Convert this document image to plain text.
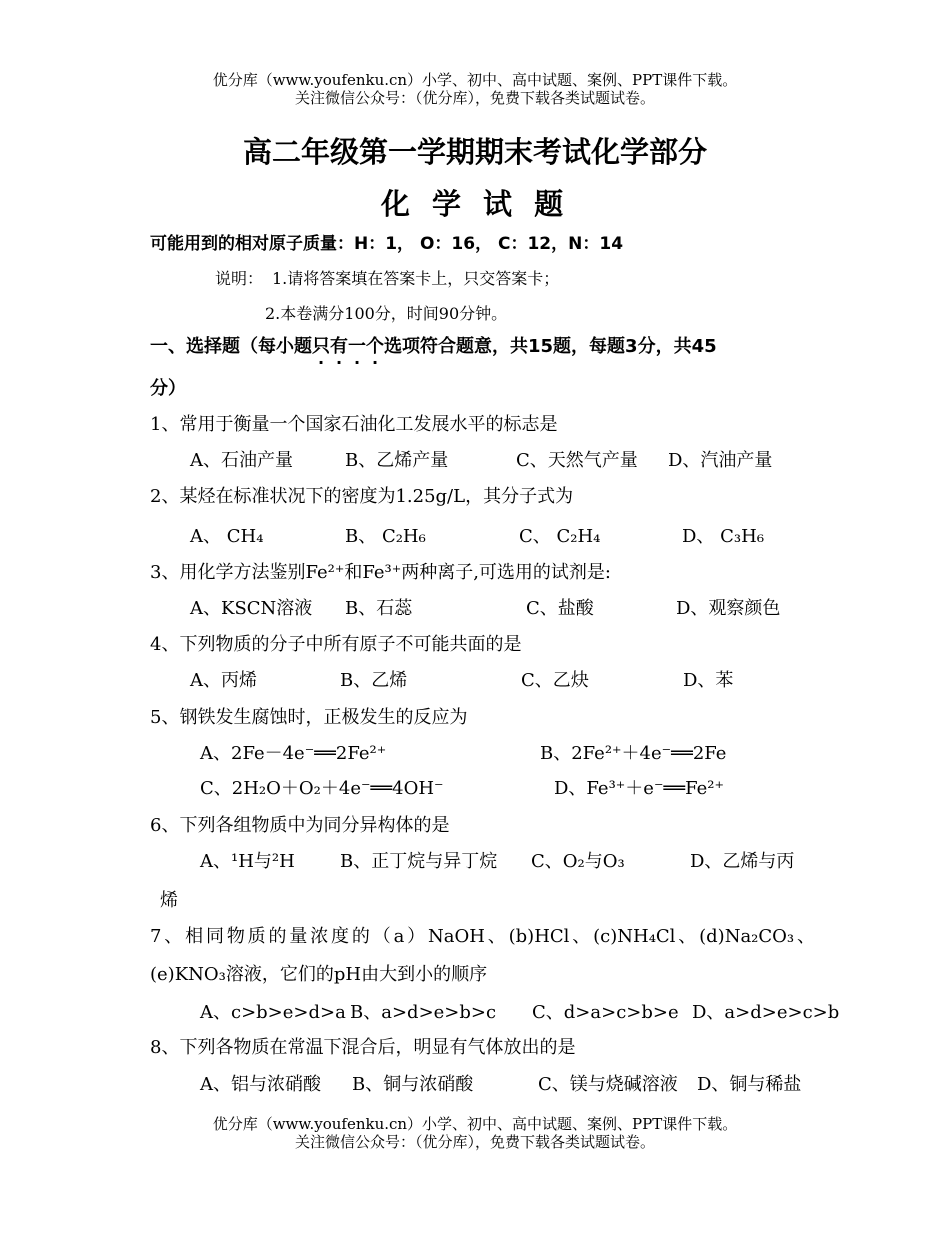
优分库（www.youfenku.cn）小学、初中、高中试题、案例、PPT课件下载。
关注微信公众号：（优分库），免费下载各类试题试卷。
高二年级第一学期期末考试化学部分
化 学 试 题
可能用到的相对原子质量：H：1， O：16， C：12，N：14
说明： 1.请将答案填在答案卡上，只交答案卡；
2.本卷满分100分，时间90分钟。
一、选择题（每小题只有一个选项符合题意，共15题，每题3分，共45
分）
1、常用于衡量一个国家石油化工发展水平的标志是
A、石油产量	B、乙烯产量	C、天然气产量 D、汽油产量
2、某烃在标准状况下的密度为1.25g/L，其分子式为
A、 CH₄	B、 C₂H₆	C、 C₂H₄	D、 C₃H₆
3、用化学方法鉴别Fe²⁺和Fe³⁺两种离子,可选用的试剂是:
A、KSCN溶液 B、石蕊	C、盐酸	D、观察颜色
4、下列物质的分子中所有原子不可能共面的是
A、丙烯	B、乙烯	C、乙炔	D、苯
5、钢铁发生腐蚀时，正极发生的反应为
A、2Fe－4e⁻══2Fe²⁺	B、2Fe²⁺＋4e⁻══2Fe
C、2H₂O＋O₂＋4e⁻══4OH⁻	D、Fe³⁺＋e⁻══Fe²⁺
6、下列各组物质中为同分异构体的是
A、¹H与²H	B、正丁烷与异丁烷 C、O₂与O₃	D、乙烯与丙
烯
7、相同物质的量浓度的（a）NaOH、(b)HCl、(c)NH₄Cl、(d)Na₂CO₃、
(e)KNO₃溶液，它们的pH由大到小的顺序
A、c>b>e>d>a B、a>d>e>b>c C、d>a>c>b>e D、a>d>e>c>b
8、下列各物质在常温下混合后，明显有气体放出的是
A、铝与浓硝酸 B、铜与浓硝酸	C、镁与烧碱溶液 D、铜与稀盐
优分库（www.youfenku.cn）小学、初中、高中试题、案例、PPT课件下载。
关注微信公众号：（优分库），免费下载各类试题试卷。
